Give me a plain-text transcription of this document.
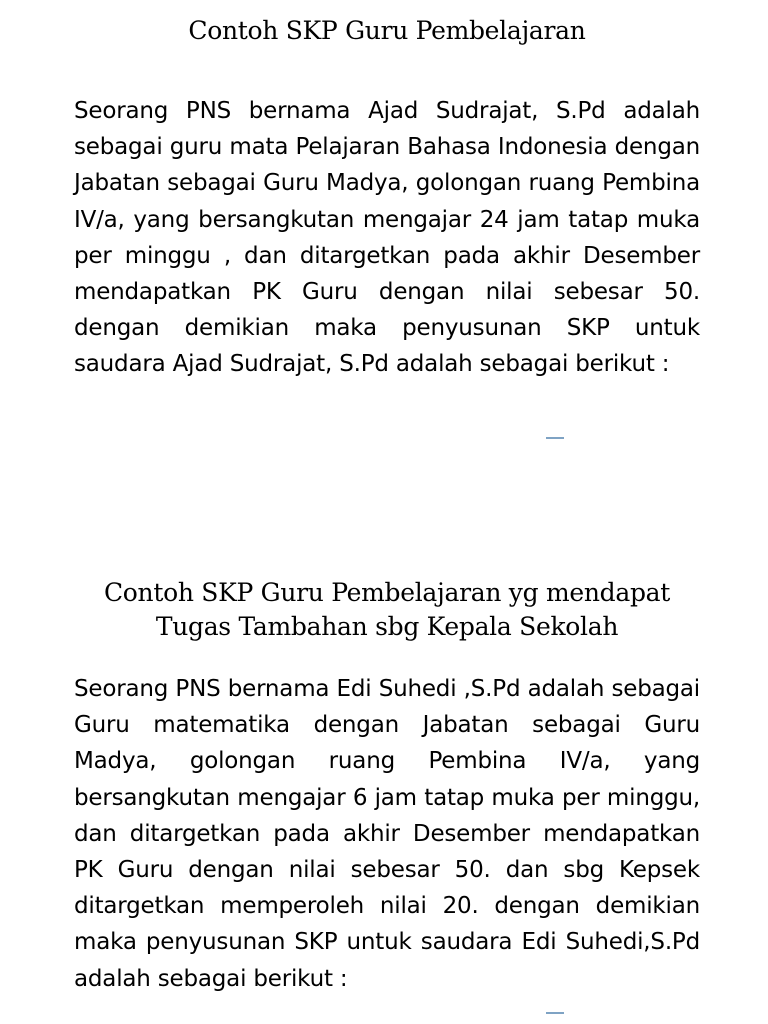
Contoh SKP Guru Pembelajaran

Seorang PNS bernama Ajad Sudrajat, S.Pd adalah sebagai guru mata Pelajaran Bahasa Indonesia dengan Jabatan sebagai Guru Madya, golongan ruang Pembina IV/a, yang bersangkutan mengajar 24 jam tatap muka per minggu , dan ditargetkan pada akhir Desember mendapatkan PK Guru dengan nilai sebesar 50. dengan demikian maka penyusunan SKP untuk saudara Ajad Sudrajat, S.Pd adalah sebagai berikut :

Contoh SKP Guru Pembelajaran yg mendapat Tugas Tambahan sbg Kepala Sekolah

Seorang PNS bernama Edi Suhedi ,S.Pd adalah sebagai Guru matematika dengan Jabatan sebagai Guru Madya, golongan ruang Pembina IV/a, yang bersangkutan mengajar 6 jam tatap muka per minggu, dan ditargetkan pada akhir Desember mendapatkan PK Guru dengan nilai sebesar 50. dan sbg Kepsek ditargetkan memperoleh nilai 20. dengan demikian maka penyusunan SKP untuk saudara Edi Suhedi,S.Pd adalah sebagai berikut :
